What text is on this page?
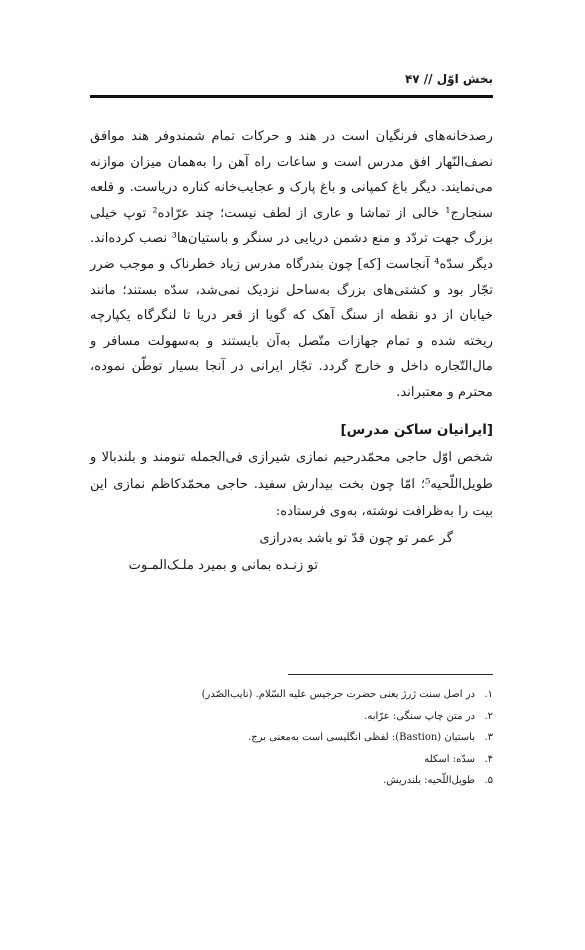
بخش اوّل // ۴۷

رصدخانه‌های فرنگیان است در هند و حرکات تمام شمندوفر هند موافق نصف‌النّهار افق مدرس است و ساعات راه آهن را به‌همان میزان موازنه می‌نمایند. دیگر باغ کمپانی و باغ پارک و عجایب‌خانه کناره دریاست. و قلعه سنجارج¹ خالی از تماشا و عاری از لطف نیست؛ چند عرّاده² توپ خیلی بزرگ جهت تردّد و منع دشمن دریایی در سنگر و باستیان‌ها³ نصب کرده‌اند. دیگر سدّه⁴ آنجاست [که] چون بندرگاه مدرس زیاد خطرناک و موجب ضرر تجّار بود و کشتی‌های بزرگ به‌ساحل نزدیک نمی‌شد، سدّه بستند؛ مانند خیابان از دو نقطه از سنگ آهک که گویا از قعر دریا تا لنگرگاه یکپارچه ریخته شده و تمام جهازات متّصل به‌آن بایستند و به‌سهولت مسافر و مال‌التّجاره داخل و خارج گردد. تجّار ایرانی در آنجا بسیار توطّن نموده، محترم و معتبراند.

[ایرانیان ساکن مدرس]

شخص اوّل حاجی محمّدرحیم نمازی شیرازی فی‌الجمله تنومند و بلندبالا و طویل‌اللّحیه⁵؛ امّا چون بخت بیدارش سفید. حاجی محمّدکاظم نمازی این بیت را به‌ظرافت نوشته، به‌وی فرستاده:

گر عمر تو چون قدّ تو باشد به‌درازی

تو زنـده بمانی و بمیرد ملـک‌المـوت

۱.در اصل سنت ژرژ یعنی حضرت جرجیس علیه السّلام. (نایب‌الصّدر)
۲.در متن چاپ سنگی: عرّابه.
۳.باستیان (Bastion): لفظی انگلیسی است به‌معنی برج.
۴.سدّه: اسکله
۵.طویل‌اللّحیه: بلندریش.
